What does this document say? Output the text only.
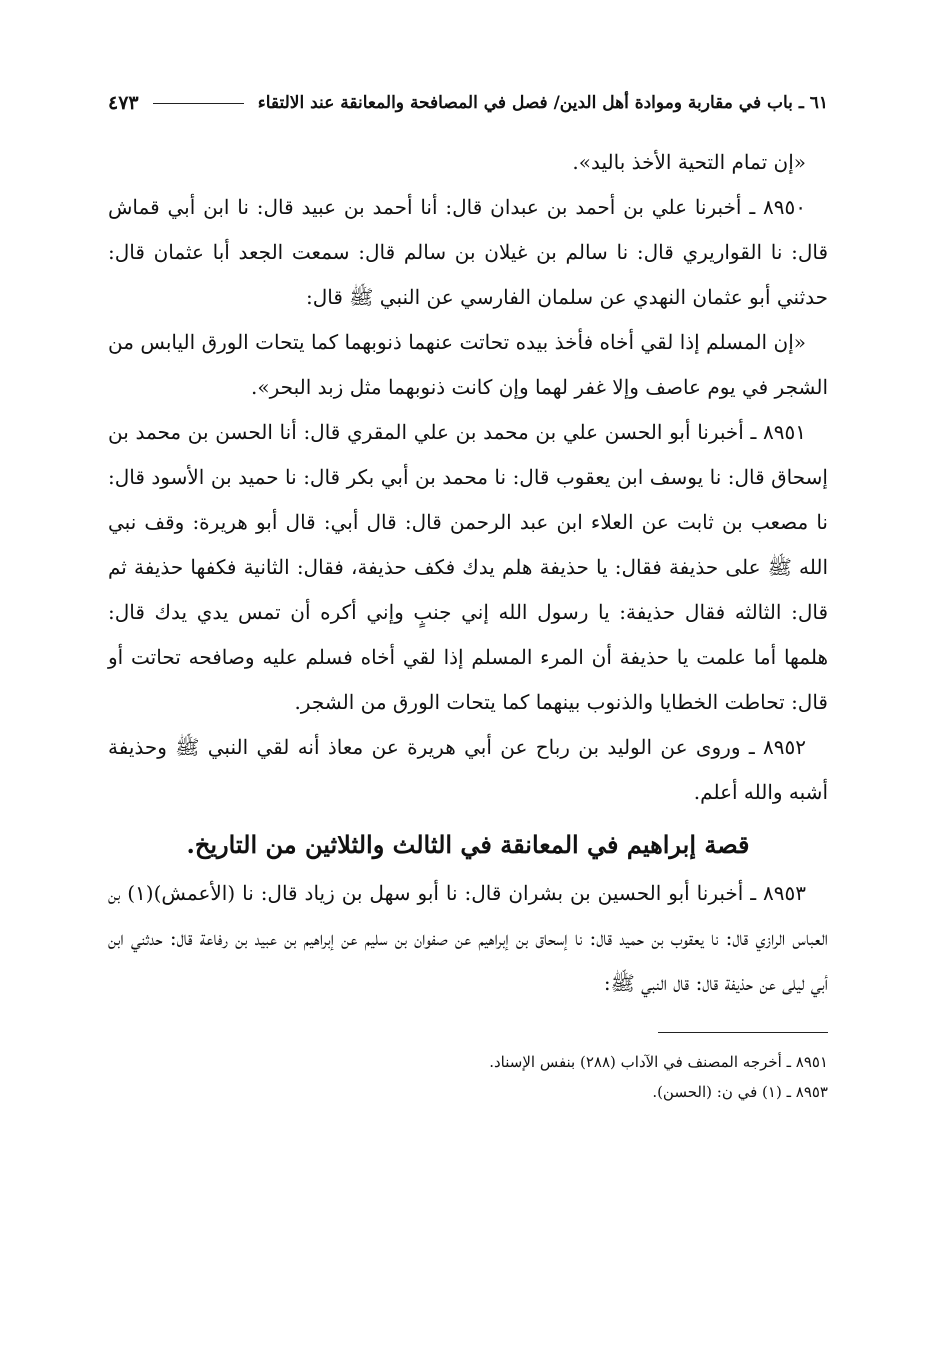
٦١ ـ باب في مقاربة وموادة أهل الدين/ فصل في المصافحة والمعانقة عند الالتقاء
٤٧٣

«إن تمام التحية الأخذ باليد».

٨٩٥٠ ـ أخبرنا علي بن أحمد بن عبدان قال: أنا أحمد بن عبيد قال: نا ابن أبي قماش قال: نا القواريري قال: نا سالم بن غيلان بن سالم قال: سمعت الجعد أبا عثمان قال: حدثني أبو عثمان النهدي عن سلمان الفارسي عن النبي ﷺ قال:

«إن المسلم إذا لقي أخاه فأخذ بيده تحاتت عنهما ذنوبهما كما يتحات الورق اليابس من الشجر في يوم عاصف وإلا غفر لهما وإن كانت ذنوبهما مثل زبد البحر».

٨٩٥١ ـ أخبرنا أبو الحسن علي بن محمد بن علي المقري قال: أنا الحسن بن محمد بن إسحاق قال: نا يوسف ابن يعقوب قال: نا محمد بن أبي بكر قال: نا حميد بن الأسود قال: نا مصعب بن ثابت عن العلاء ابن عبد الرحمن قال: قال أبي: قال أبو هريرة: وقف نبي الله ﷺ على حذيفة فقال: يا حذيفة هلم يدك فكف حذيفة، فقال: الثانية فكفها حذيفة ثم قال: الثالثه فقال حذيفة: يا رسول الله إني جنبٍ وإني أكره أن تمس يدي يدك قال: هلمها أما علمت يا حذيفة أن المرء المسلم إذا لقي أخاه فسلم عليه وصافحه تحاتت أو قال: تحاطت الخطايا والذنوب بينهما كما يتحات الورق من الشجر.

٨٩٥٢ ـ وروى عن الوليد بن رباح عن أبي هريرة عن معاذ أنه لقي النبي ﷺ وحذيفة أشبه والله أعلم.

قصة إبراهيم في المعانقة في الثالث والثلاثين من التاريخ.

٨٩٥٣ ـ أخبرنا أبو الحسين بن بشران قال: نا أبو سهل بن زياد قال: نا (الأعمش)(١) بن العباس الرازي قال: نا يعقوب بن حميد قال: نا إسحاق بن إبراهيم عن صفوان بن سليم عن إبراهيم بن عبيد بن رفاعة قال: حدثني ابن أبي ليلى عن حذيفة قال: قال النبي ﷺ:

٨٩٥١ ـ أخرجه المصنف في الآداب (٢٨٨) بنفس الإسناد.

٨٩٥٣ ـ (١) في ن: (الحسن).
